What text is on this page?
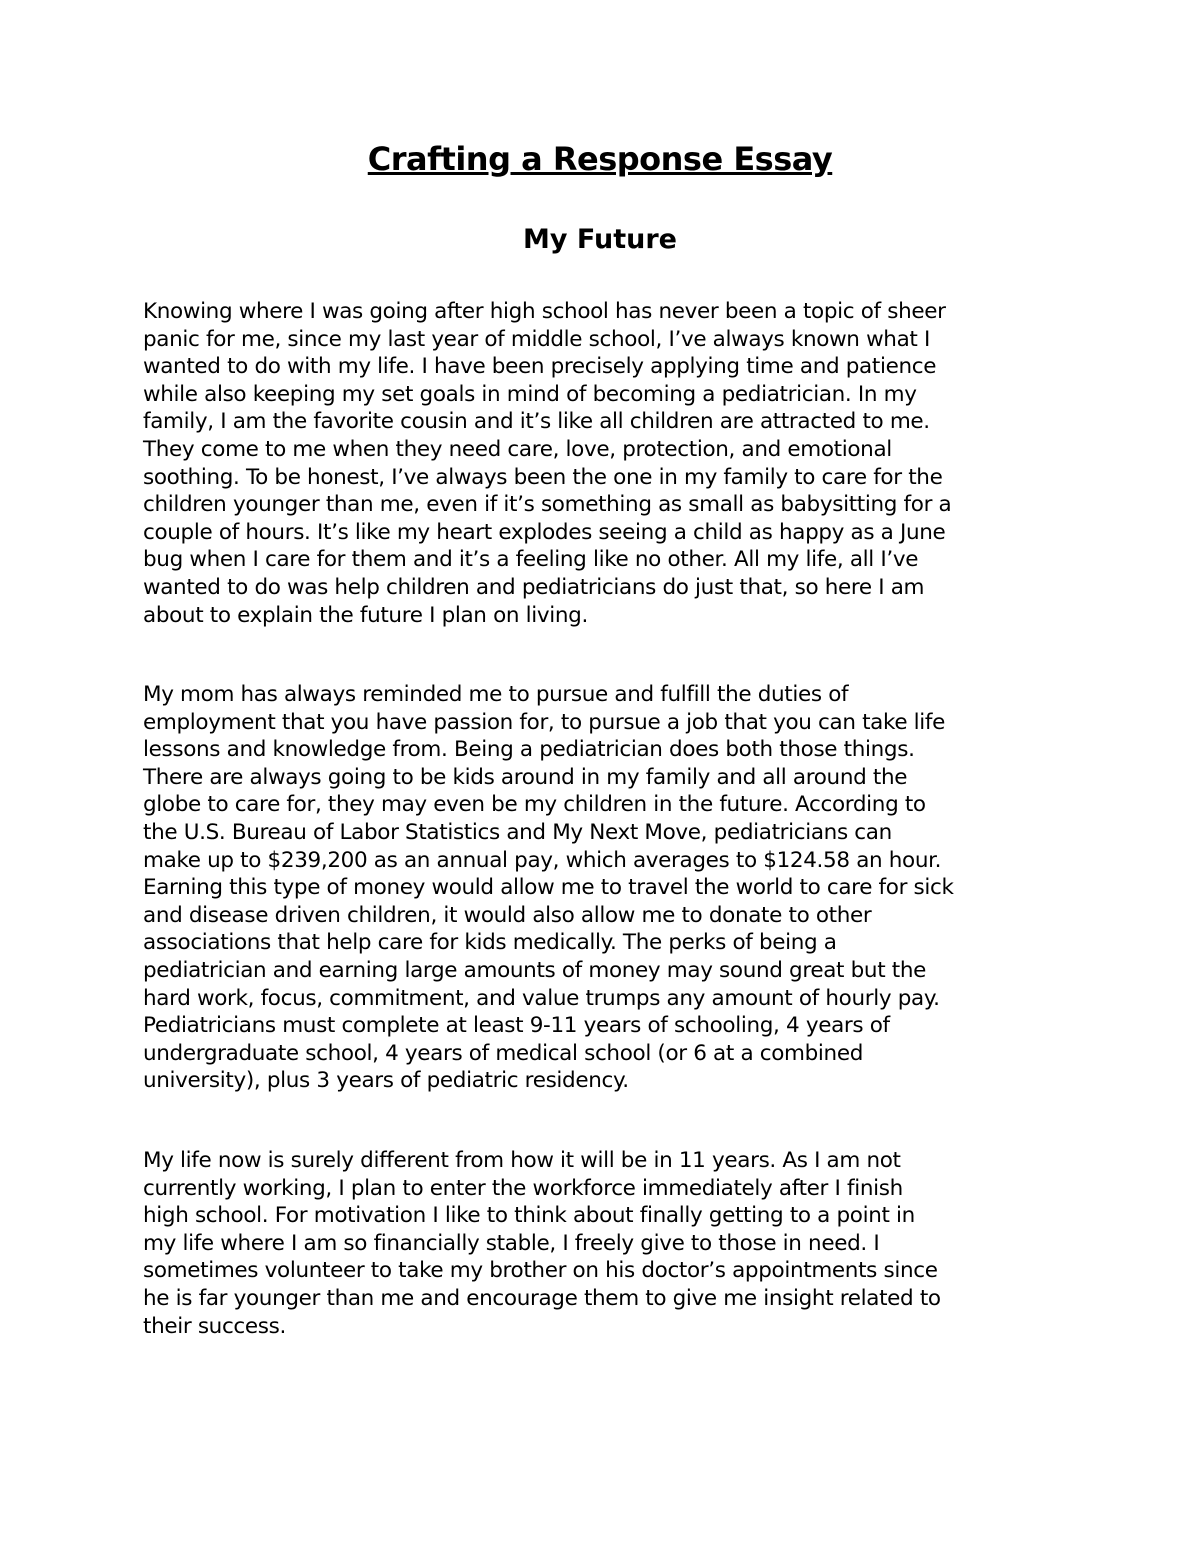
Crafting a Response Essay
My Future
Knowing where I was going after high school has never been a topic of sheer
panic for me, since my last year of middle school, I’ve always known what I
wanted to do with my life. I have been precisely applying time and patience
while also keeping my set goals in mind of becoming a pediatrician. In my
family, I am the favorite cousin and it’s like all children are attracted to me.
They come to me when they need care, love, protection, and emotional
soothing. To be honest, I’ve always been the one in my family to care for the
children younger than me, even if it’s something as small as babysitting for a
couple of hours. It’s like my heart explodes seeing a child as happy as a June
bug when I care for them and it’s a feeling like no other. All my life, all I’ve
wanted to do was help children and pediatricians do just that, so here I am
about to explain the future I plan on living.
My mom has always reminded me to pursue and fulfill the duties of
employment that you have passion for, to pursue a job that you can take life
lessons and knowledge from. Being a pediatrician does both those things.
There are always going to be kids around in my family and all around the
globe to care for, they may even be my children in the future. According to
the U.S. Bureau of Labor Statistics and My Next Move, pediatricians can
make up to $239,200 as an annual pay, which averages to $124.58 an hour.
Earning this type of money would allow me to travel the world to care for sick
and disease driven children, it would also allow me to donate to other
associations that help care for kids medically. The perks of being a
pediatrician and earning large amounts of money may sound great but the
hard work, focus, commitment, and value trumps any amount of hourly pay.
Pediatricians must complete at least 9-11 years of schooling, 4 years of
undergraduate school, 4 years of medical school (or 6 at a combined
university), plus 3 years of pediatric residency.
My life now is surely different from how it will be in 11 years. As I am not
currently working, I plan to enter the workforce immediately after I finish
high school. For motivation I like to think about finally getting to a point in
my life where I am so financially stable, I freely give to those in need. I
sometimes volunteer to take my brother on his doctor’s appointments since
he is far younger than me and encourage them to give me insight related to
their success.
